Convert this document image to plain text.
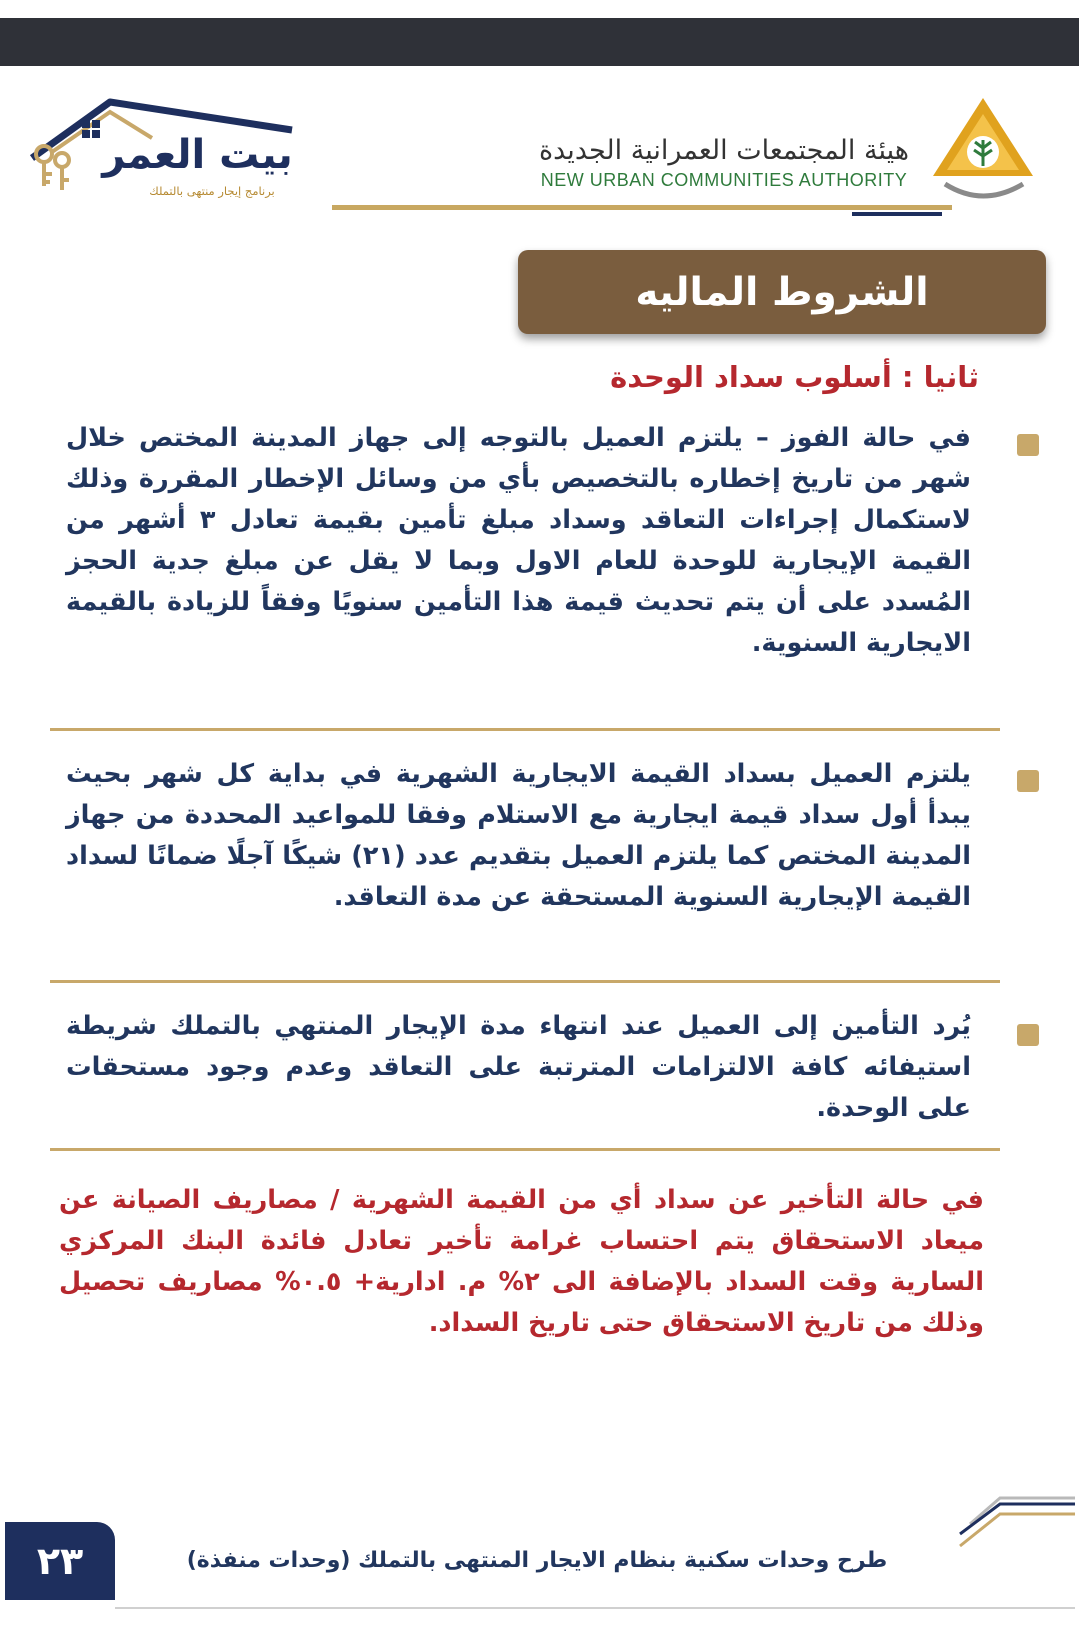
هيئة المجتمعات العمرانية الجديدة
NEW URBAN COMMUNITIES AUTHORITY
بيت العمر
برنامج إيجار منتهى بالتملك
الشروط الماليه
ثانيا : أسلوب سداد الوحدة
في حالة الفوز – يلتزم العميل بالتوجه إلى جهاز المدينة المختص خلال شهر من تاريخ إخطاره بالتخصيص بأي من وسائل الإخطار المقررة وذلك لاستكمال إجراءات التعاقد وسداد مبلغ تأمين بقيمة تعادل ٣ أشهر من القيمة الإيجارية للوحدة للعام الاول وبما لا يقل عن مبلغ جدية الحجز المُسدد على أن يتم تحديث قيمة هذا التأمين سنويًا وفقاً للزيادة بالقيمة الايجارية السنوية.
يلتزم العميل بسداد القيمة الايجارية الشهرية في بداية كل شهر بحيث يبدأ أول سداد قيمة ايجارية مع الاستلام وفقا للمواعيد المحددة من جهاز المدينة المختص كما يلتزم العميل بتقديم عدد (٢١) شيكًا آجلًا ضمانًا لسداد القيمة الإيجارية السنوية المستحقة عن مدة التعاقد.
يُرد التأمين إلى العميل عند انتهاء مدة الإيجار المنتهي بالتملك شريطة استيفائه كافة الالتزامات المترتبة على التعاقد وعدم وجود مستحقات على الوحدة.
في حالة التأخير عن سداد أي من القيمة الشهرية / مصاريف الصيانة عن ميعاد الاستحقاق يتم احتساب غرامة تأخير تعادل فائدة البنك المركزي السارية وقت السداد بالإضافة الى ٢% م. ادارية+ ٠.٥% مصاريف تحصيل وذلك من تاريخ الاستحقاق حتى تاريخ السداد.
٢٣	طرح وحدات سكنية بنظام الايجار المنتهى بالتملك (وحدات منفذة)
